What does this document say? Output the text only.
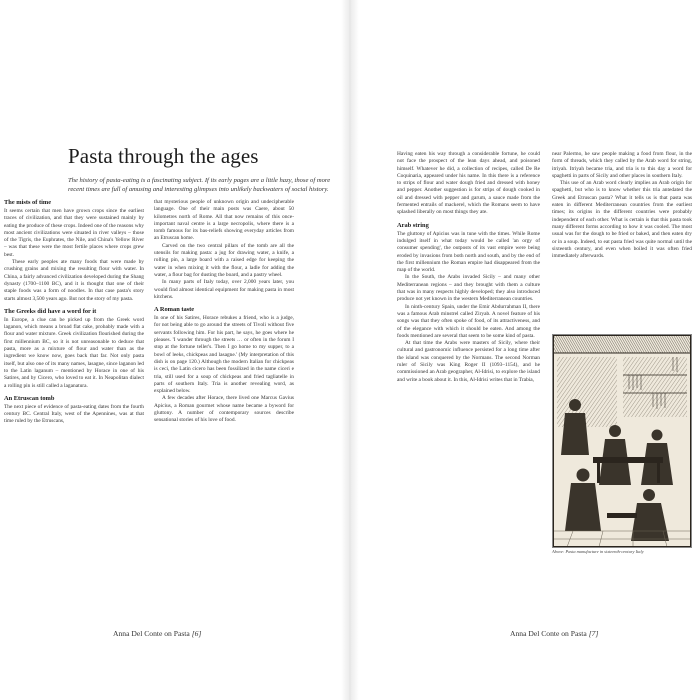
Pasta through the ages

The history of pasta-eating is a fascinating subject. If its early pages are a little hazy, those of more recent times are full of amusing and interesting glimpses into unlikely backwaters of social history.

The mists of time

It seems certain that men have grown crops since the earliest traces of civilization, and that they were sustained mainly by eating the produce of these crops. Indeed one of the reasons why most ancient civilizations were situated in river valleys – those of the Tigris, the Euphrates, the Nile, and China's Yellow River – was that these were the most fertile places where crops grew best.

These early peoples ate many foods that were made by crushing grains and mixing the resulting flour with water. In China, a fairly advanced civilization developed during the Shang dynasty (1700–1100 BC), and it is thought that one of their staple foods was a form of noodles. In that case pasta's story starts almost 3,500 years ago. But not the story of my pasta.

The Greeks did have a word for it

In Europe, a clue can be picked up from the Greek word laganon, which means a broad flat cake, probably made with a flour and water mixture. Greek civilization flourished during the first millennium BC, so it is not unreasonable to deduce that pasta, more as a mixture of flour and water than as the ingredient we know now, goes back that far. Not only pasta itself, but also one of its many names, lasagne, since laganon led to the Latin laganum – mentioned by Horace in one of his Satires, and by Cicero, who loved to eat it. In Neapolitan dialect a rolling pin is still called a laganatura.

An Etruscan tomb

The next piece of evidence of pasta-eating dates from the fourth century BC. Central Italy, west of the Apennines, was at that time ruled by the Etruscans,

that mysterious people of unknown origin and undecipherable language. One of their main posts was Caere, about 50 kilometres north of Rome. All that now remains of this once-important naval centre is a large necropolis, where there is a tomb famous for its bas-reliefs showing everyday articles from an Etruscan home.

Carved on the two central pillars of the tomb are all the utensils for making pasta: a jug for drawing water, a knife, a rolling pin, a large board with a raised edge for keeping the water in when mixing it with the flour, a ladle for adding the water, a flour bag for dusting the board, and a pastry wheel.

In many parts of Italy today, over 2,000 years later, you would find almost identical equipment for making pasta in most kitchens.

A Roman taste

In one of his Satires, Horace rebukes a friend, who is a judge, for not being able to go around the streets of Tivoli without five servants following him. For his part, he says, he goes where he pleases. 'I wander through the streets … or often in the forum I stop at the fortune teller's. Then I go home to my supper, to a bowl of leeks, chickpeas and lasagne.' (My interpretation of this dish is on page 120.) Although the modern Italian for chickpeas is ceci, the Latin cicero has been fossilized in the name ciceri e tria, still used for a soup of chickpeas and fried tagliatelle in parts of southern Italy. Tria is another revealing word, as explained below.

A few decades after Horace, there lived one Marcus Gavius Apicius, a Roman gourmet whose name became a byword for gluttony. A number of contemporary sources describe sensational stories of his love of food.

Anna Del Conte on Pasta [6]

Having eaten his way through a considerable fortune, he could not face the prospect of the lean days ahead, and poisoned himself. Whatever he did, a collection of recipes, called De Re Coquinaria, appeared under his name. In this there is a reference to strips of flour and water dough fried and dressed with honey and pepper. Another suggestion is for strips of dough cooked in oil and dressed with pepper and garum, a sauce made from the fermented entrails of mackerel, which the Romans seem to have splashed liberally on most things they ate.

Arab string

The gluttony of Apicius was in tune with the times. While Rome indulged itself in what today would be called 'an orgy of consumer spending', the outposts of its vast empire were being eroded by invasions from both north and south, and by the end of the first millennium the Roman empire had disappeared from the map of the world.

In the South, the Arabs invaded Sicily – and many other Mediterranean regions – and they brought with them a culture that was in many respects highly developed; they also introduced produce not yet known in the western Mediterranean countries.

In ninth-century Spain, under the Emir Abdurrahman II, there was a famous Arab minstrel called Ziryab. A novel feature of his songs was that they often spoke of food, of its attractiveness, and of the elegance with which it should be eaten. And among the foods mentioned are several that seem to be some kind of pasta.

At that time the Arabs were masters of Sicily, where their cultural and gastronomic influence persisted for a long time after the island was conquered by the Normans. The second Norman ruler of Sicily was King Roger II (1093–1154), and he commissioned an Arab geographer, Al-Idrisi, to explore the island and write a book about it. In this, Al-Idrisi writes that in Trabia,

near Palermo, he saw people making a food from flour, in the form of threads, which they called by the Arab word for string, itriyah. Itriyah became tria, and tria is to this day a word for spaghetti in parts of Sicily and other places in southern Italy.

This use of an Arab word clearly implies an Arab origin for spaghetti, but who is to know whether this tria antedated the Greek and Etruscan pasta? What it tells us is that pasta was eaten in different Mediterranean countries from the earliest times; its origins in the different countries were probably independent of each other. What is certain is that this pasta took many different forms according to how it was cooled. The most usual was for the dough to be fried or baked, and then eaten dry or in a soup. Indeed, to eat pasta fried was quite normal until the sixteenth century, and even when boiled it was often fried immediately afterwards.

Above: Pasta manufacture in sixteenth-century Italy
Anna Del Conte on Pasta [7]
